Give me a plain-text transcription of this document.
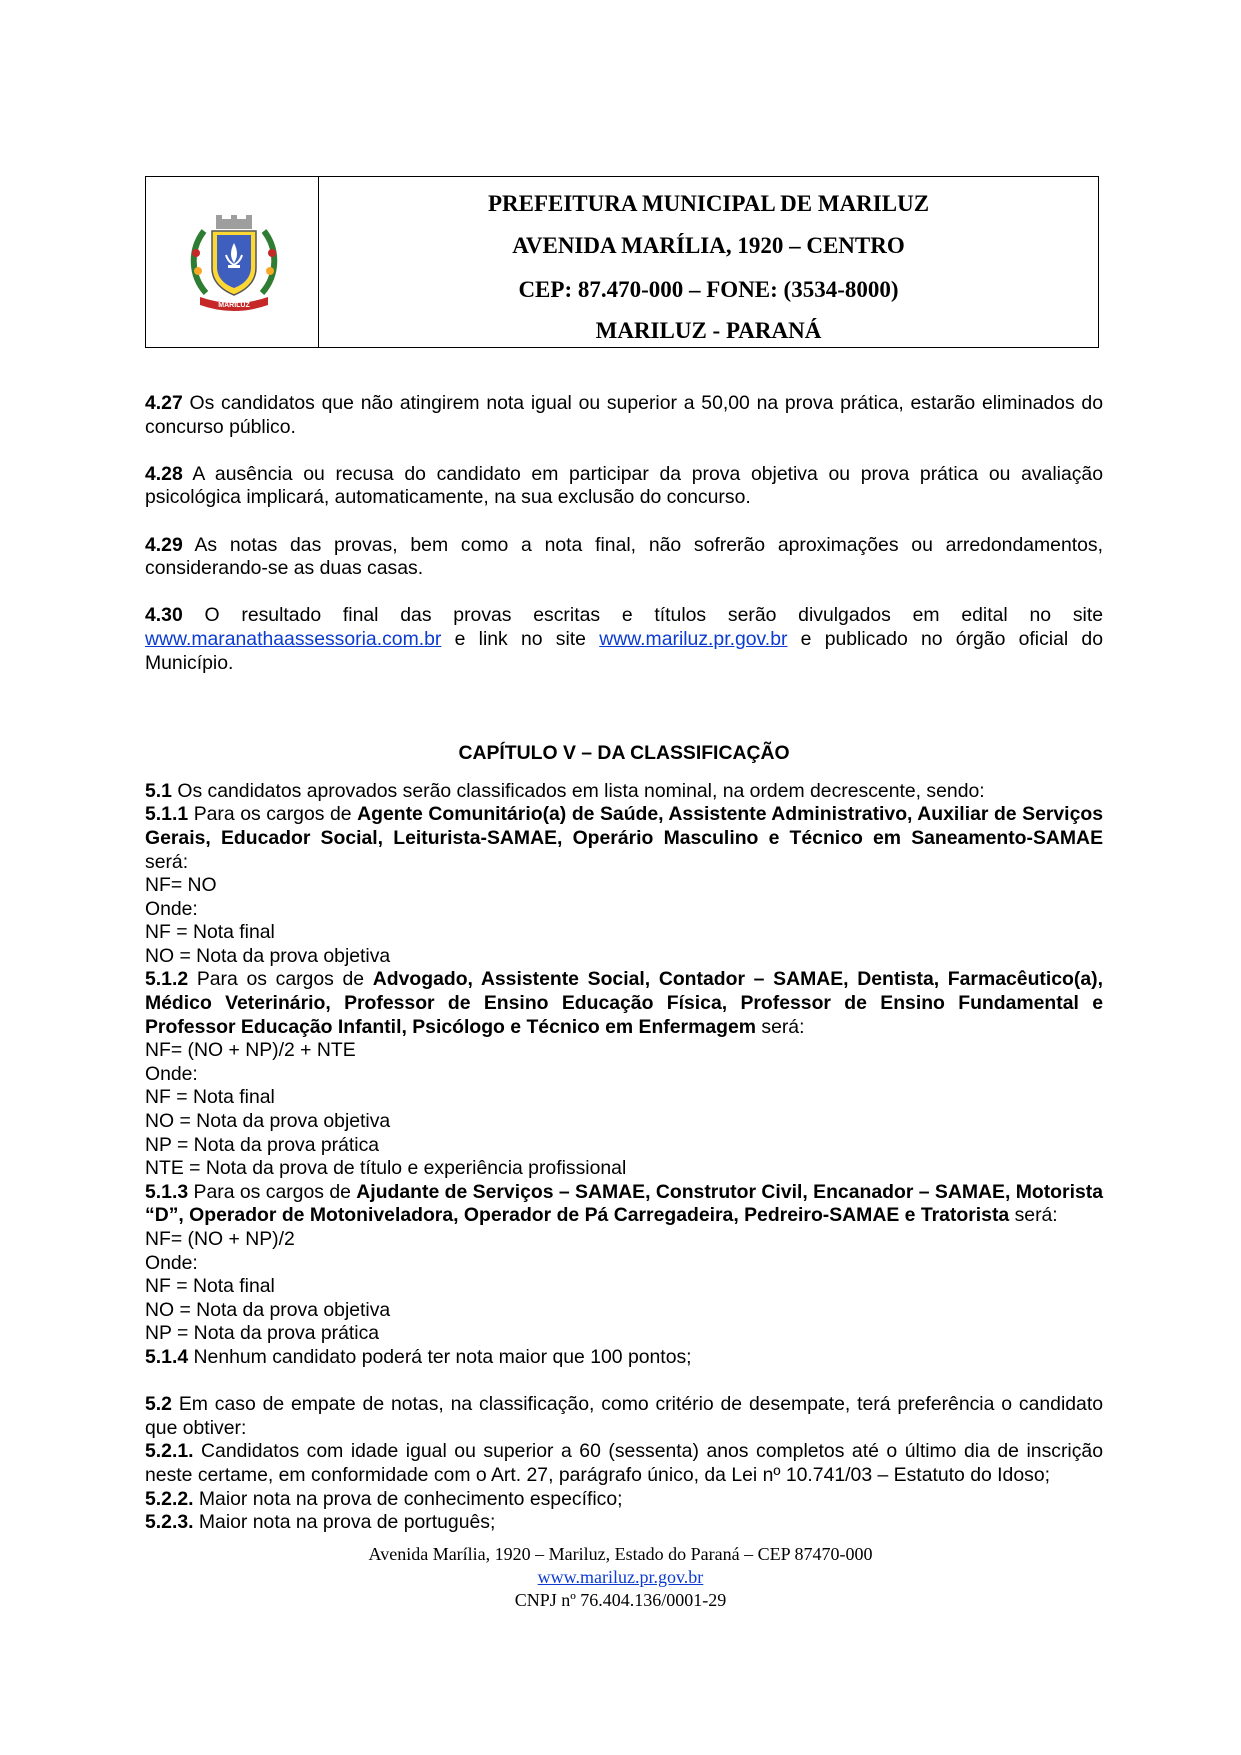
MARILUZ
PREFEITURA MUNICIPAL DE MARILUZ
AVENIDA MARÍLIA, 1920 – CENTRO
CEP: 87.470-000 – FONE: (3534-8000)
MARILUZ - PARANÁ

4.27 Os candidatos que não atingirem nota igual ou superior a 50,00 na prova prática, estarão eliminados do concurso público.

4.28 A ausência ou recusa do candidato em participar da prova objetiva ou prova prática ou avaliação psicológica implicará, automaticamente, na sua exclusão do concurso.

4.29 As notas das provas, bem como a nota final, não sofrerão aproximações ou arredondamentos, considerando-se as duas casas.

4.30 O resultado final das provas escritas e títulos serão divulgados em edital no site www.maranathaassessoria.com.br e link no site www.mariluz.pr.gov.br e publicado no órgão oficial do Município.

CAPÍTULO V – DA CLASSIFICAÇÃO

5.1 Os candidatos aprovados serão classificados em lista nominal, na ordem decrescente, sendo:

5.1.1 Para os cargos de Agente Comunitário(a) de Saúde, Assistente Administrativo, Auxiliar de Serviços Gerais, Educador Social, Leiturista-SAMAE, Operário Masculino e Técnico em Saneamento-SAMAE será:

NF= NO

Onde:

NF = Nota final

NO = Nota da prova objetiva

5.1.2 Para os cargos de Advogado, Assistente Social, Contador – SAMAE, Dentista, Farmacêutico(a), Médico Veterinário, Professor de Ensino Educação Física, Professor de Ensino Fundamental e Professor Educação Infantil, Psicólogo e Técnico em Enfermagem será:

NF= (NO + NP)/2 + NTE

Onde:

NF = Nota final

NO = Nota da prova objetiva

NP = Nota da prova prática

NTE = Nota da prova de título e experiência profissional

5.1.3 Para os cargos de Ajudante de Serviços – SAMAE, Construtor Civil, Encanador – SAMAE, Motorista “D”, Operador de Motoniveladora, Operador de Pá Carregadeira, Pedreiro-SAMAE e Tratorista será:

NF= (NO + NP)/2

Onde:

NF = Nota final

NO = Nota da prova objetiva

NP = Nota da prova prática

5.1.4 Nenhum candidato poderá ter nota maior que 100 pontos;

5.2 Em caso de empate de notas, na classificação, como critério de desempate, terá preferência o candidato que obtiver:

5.2.1. Candidatos com idade igual ou superior a 60 (sessenta) anos completos até o último dia de inscrição neste certame, em conformidade com o Art. 27, parágrafo único, da Lei nº 10.741/03 – Estatuto do Idoso;

5.2.2. Maior nota na prova de conhecimento específico;

5.2.3. Maior nota na prova de português;

Avenida Marília, 1920 – Mariluz, Estado do Paraná – CEP 87470-000
www.mariluz.pr.gov.br
CNPJ nº 76.404.136/0001-29
